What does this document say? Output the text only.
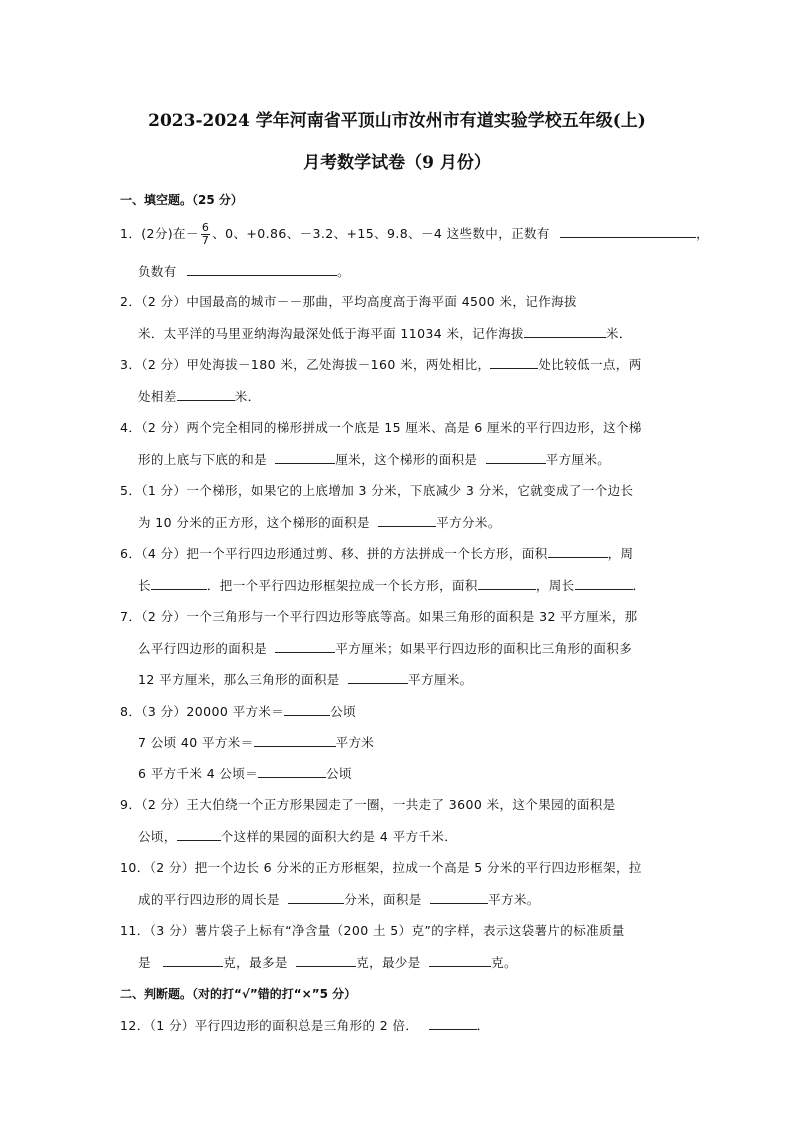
2023-2024 学年河南省平顶山市汝州市有道实验学校五年级(上)
月考数学试卷（9 月份）
一、填空题。（25 分）
1．(2分)在－ $\frac{6}{7}$ 、0、+0.86、－3.2、+15、9.8、－4 这些数中，正数有	，
负数有	。
2．（2 分）中国最高的城市－－那曲，平均高度高于海平面 4500 米，记作海拔
米．太平洋的马里亚纳海沟最深处低于海平面 11034 米，记作海拔	米．
3．（2 分）甲处海拔－180 米，乙处海拔－160 米，两处相比，	处比较低一点，两
处相差	米．
4．（2 分）两个完全相同的梯形拼成一个底是 15 厘米、高是 6 厘米的平行四边形，这个梯
形的上底与下底的和是	厘米，这个梯形的面积是	平方厘米。
5．（1 分）一个梯形，如果它的上底增加 3 分米，下底减少 3 分米，它就变成了一个边长
为 10 分米的正方形，这个梯形的面积是	平方分米。
6．（4 分）把一个平行四边形通过剪、移、拼的方法拼成一个长方形，面积	，周
长	．把一个平行四边形框架拉成一个长方形，面积	，周长	．
7．（2 分）一个三角形与一个平行四边形等底等高。如果三角形的面积是 32 平方厘米，那
么平行四边形的面积是	平方厘米；如果平行四边形的面积比三角形的面积多
12 平方厘米，那么三角形的面积是	平方厘米。
8．（3 分）20000 平方米＝	公顷
7 公顷 40 平方米＝	平方米
6 平方千米 4 公顷＝	公顷
9．（2 分）王大伯绕一个正方形果园走了一圈，一共走了 3600 米，这个果园的面积是
公顷，	个这样的果园的面积大约是 4 平方千米．
10．（2 分）把一个边长 6 分米的正方形框架，拉成一个高是 5 分米的平行四边形框架，拉
成的平行四边形的周长是	分米，面积是	平方米。
11．（3 分）薯片袋子上标有“净含量（200 土 5）克”的字样，表示这袋薯片的标准质量
是	克，最多是	克，最少是	克。
二、判断题。（对的打“√”错的打“×”5 分）
12．（1 分）平行四边形的面积总是三角形的 2 倍．	．
